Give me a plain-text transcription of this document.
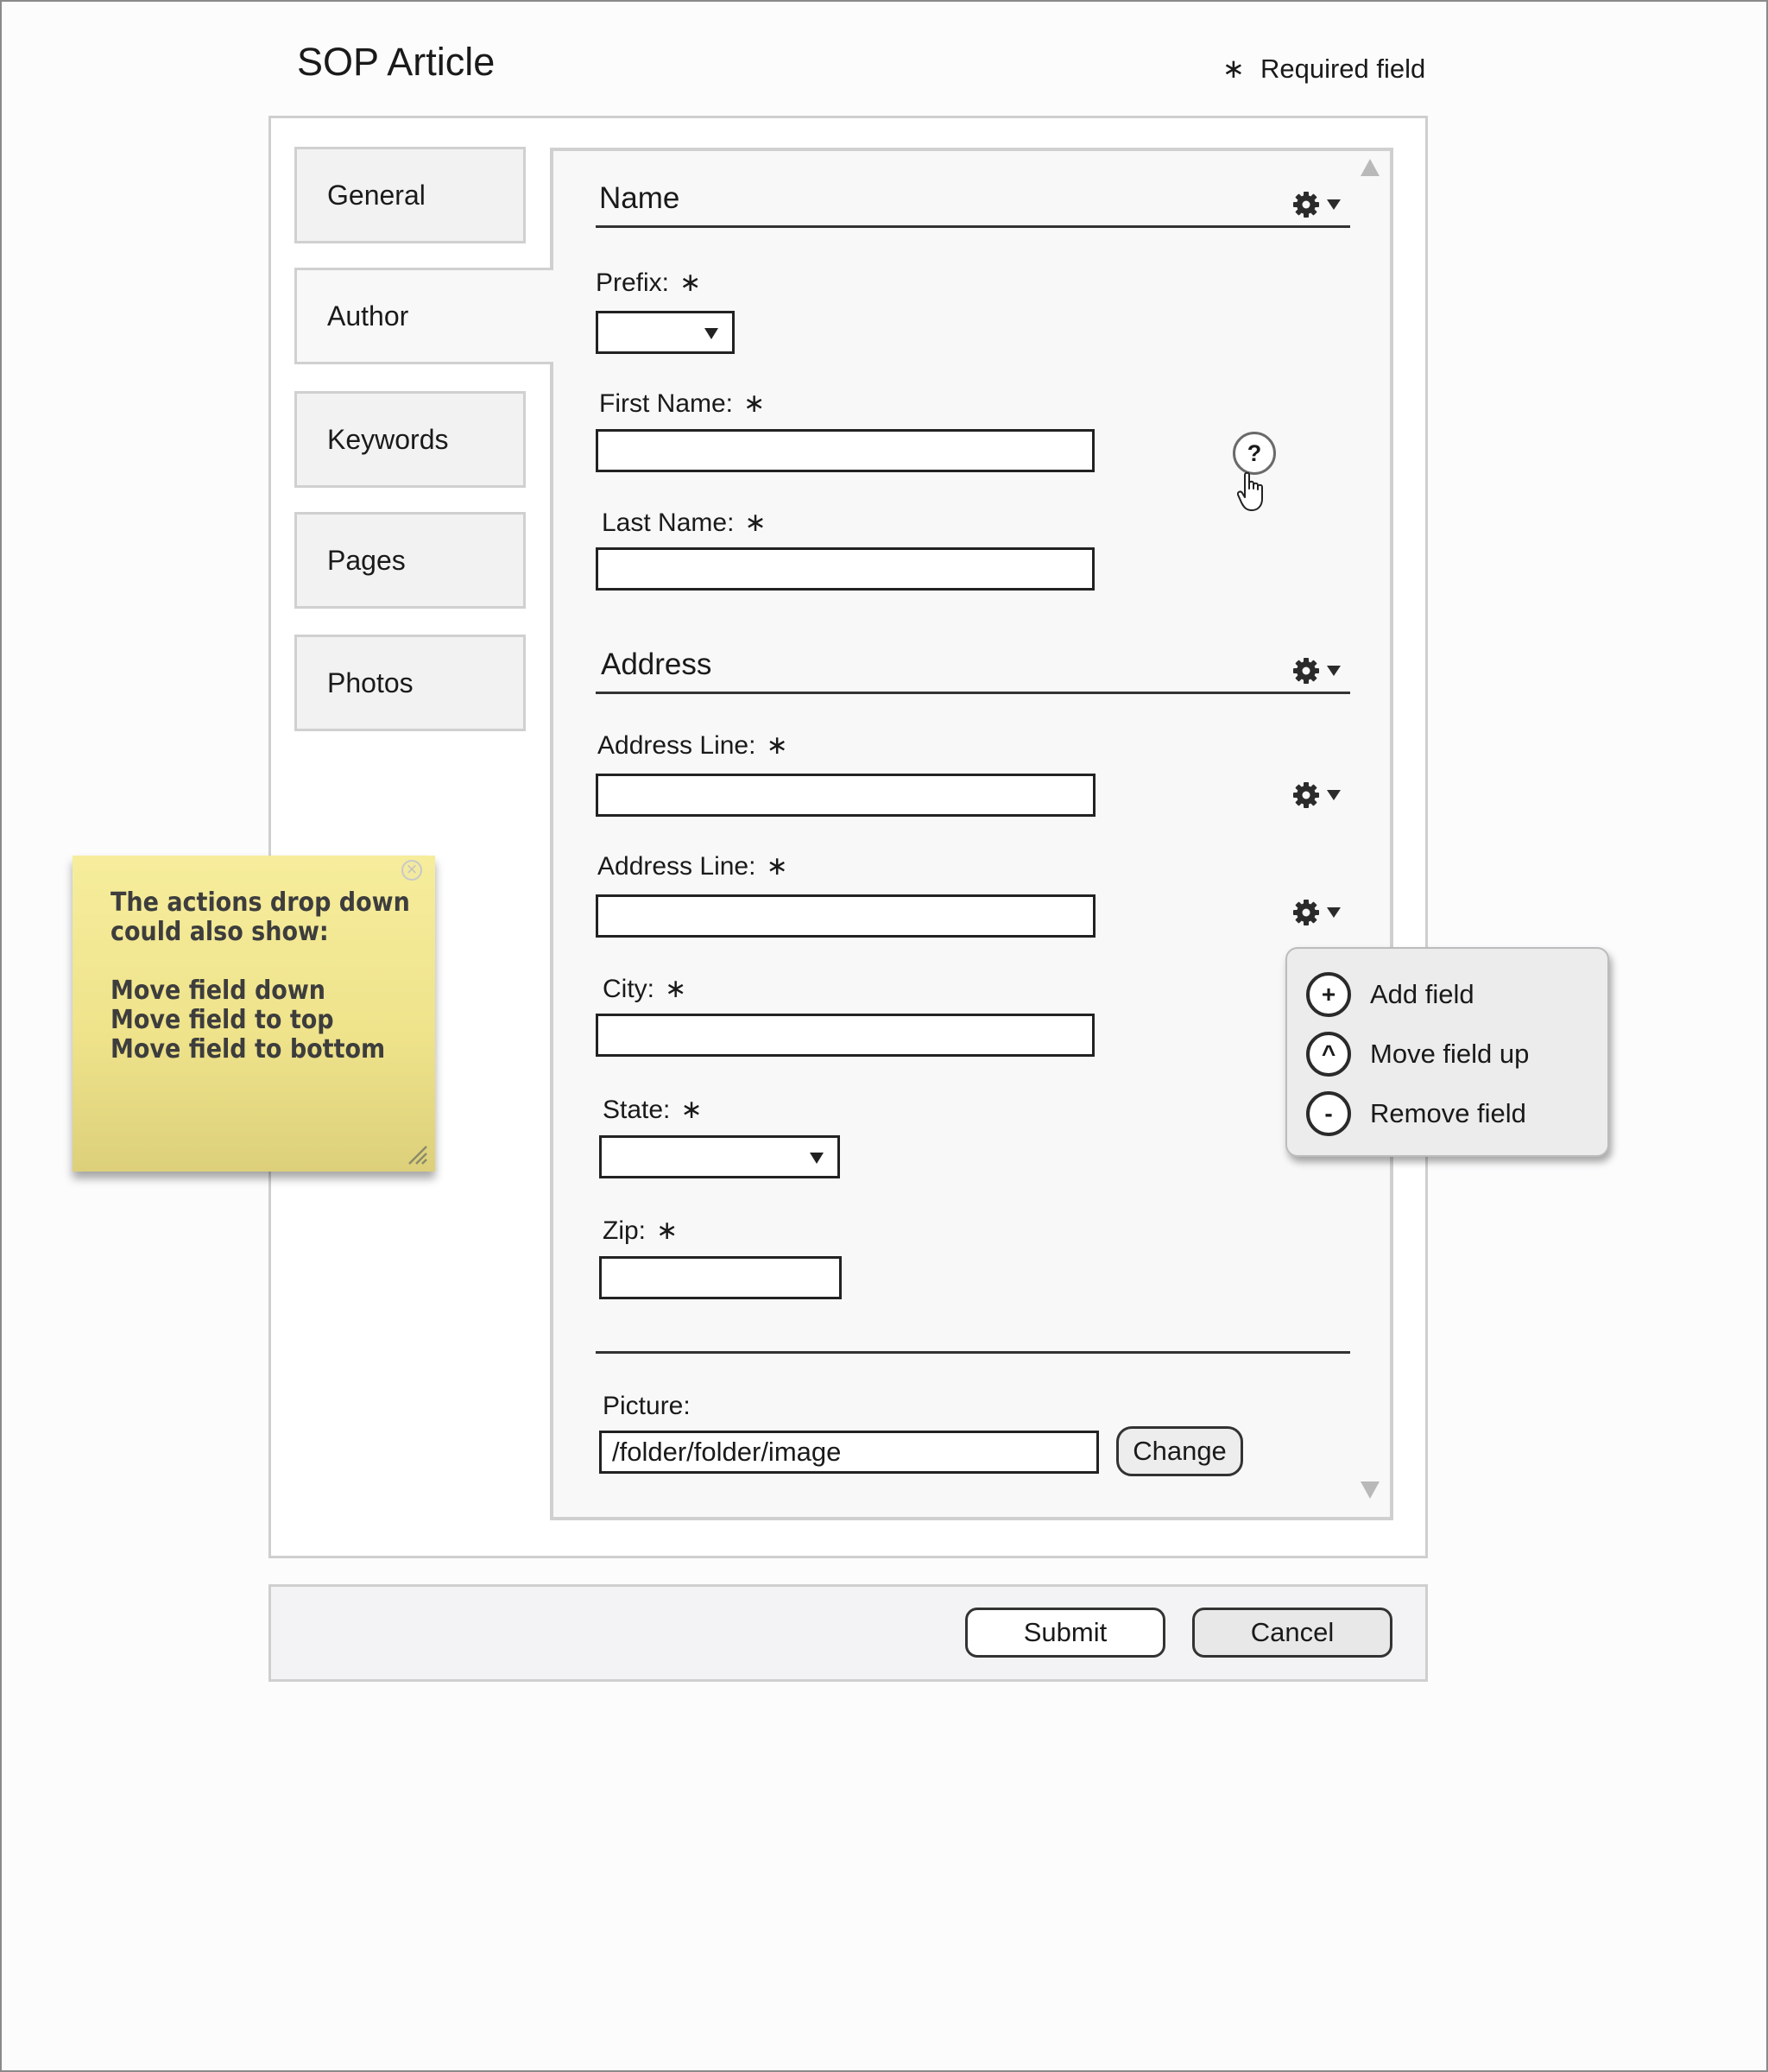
SOP Article	∗ Required field
General
Author
Keywords
Pages
Photos
Name
Prefix: ∗
First Name: ∗
?
Last Name: ∗
Address
Address Line: ∗
Address Line: ∗
City: ∗
State: ∗
Zip: ∗
Picture:
/folder/folder/image	Change
Submit	Cancel
+	Add field
^	Move field up
-	Remove field
The actions drop down
could also show:
Move field down
Move field to top
Move field to bottom
×
